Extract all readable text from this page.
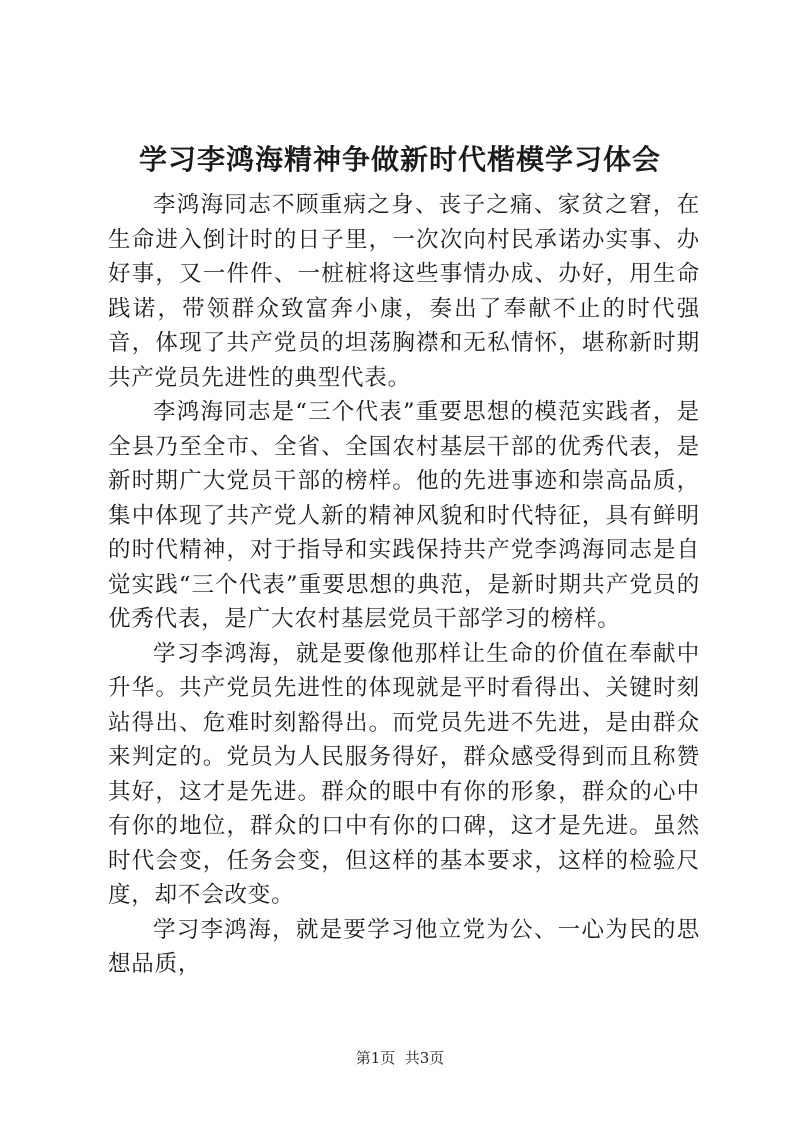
学习李鸿海精神争做新时代楷模学习体会

李鸿海同志不顾重病之身、丧子之痛、家贫之窘，在生命进入倒计时的日子里，一次次向村民承诺办实事、办好事，又一件件、一桩桩将这些事情办成、办好，用生命践诺，带领群众致富奔小康，奏出了奉献不止的时代强音，体现了共产党员的坦荡胸襟和无私情怀，堪称新时期共产党员先进性的典型代表。

李鸿海同志是“三个代表”重要思想的模范实践者，是全县乃至全市、全省、全国农村基层干部的优秀代表，是新时期广大党员干部的榜样。他的先进事迹和崇高品质，集中体现了共产党人新的精神风貌和时代特征，具有鲜明的时代精神，对于指导和实践保持共产党李鸿海同志是自觉实践“三个代表”重要思想的典范，是新时期共产党员的优秀代表，是广大农村基层党员干部学习的榜样。

学习李鸿海，就是要像他那样让生命的价值在奉献中升华。共产党员先进性的体现就是平时看得出、关键时刻站得出、危难时刻豁得出。而党员先进不先进，是由群众来判定的。党员为人民服务得好，群众感受得到而且称赞其好，这才是先进。群众的眼中有你的形象，群众的心中有你的地位，群众的口中有你的口碑，这才是先进。虽然时代会变，任务会变，但这样的基本要求，这样的检验尺度，却不会改变。

学习李鸿海，就是要学习他立党为公、一心为民的思想品质，

第1页  共3页
